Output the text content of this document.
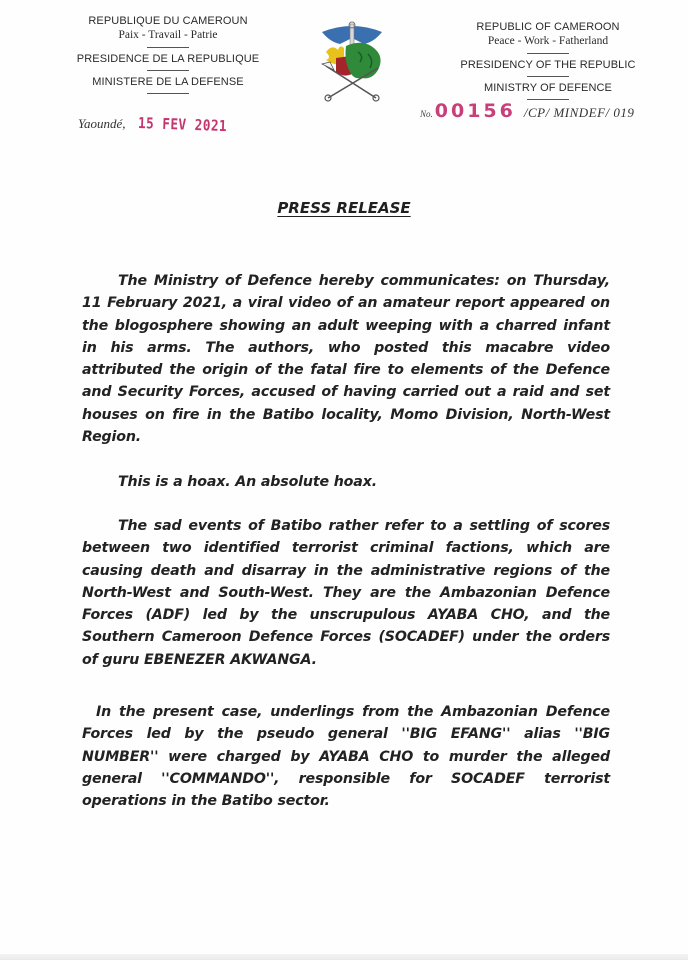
REPUBLIQUE DU CAMEROUN
Paix - Travail - Patrie
PRESIDENCE DE LA REPUBLIQUE
MINISTERE DE LA DEFENSE
Yaoundé, 15 FEV 2021
REPUBLIC OF CAMEROON
Peace - Work - Fatherland
PRESIDENCY OF THE REPUBLIC
MINISTRY OF DEFENCE
No. 00156 /CP/ MINDEF/ 019
PRESS RELEASE

The Ministry of Defence hereby communicates: on Thursday, 11 February 2021, a viral video of an amateur report appeared on the blogosphere showing an adult weeping with a charred infant in his arms. The authors, who posted this macabre video attributed the origin of the fatal fire to elements of the Defence and Security Forces, accused of having carried out a raid and set houses on fire in the Batibo locality, Momo Division, North-West Region.

This is a hoax. An absolute hoax.

The sad events of Batibo rather refer to a settling of scores between two identified terrorist criminal factions, which are causing death and disarray in the administrative regions of the North-West and South-West. They are the Ambazonian Defence Forces (ADF) led by the unscrupulous AYABA CHO, and the Southern Cameroon Defence Forces (SOCADEF) under the orders of guru EBENEZER AKWANGA.

In the present case, underlings from the Ambazonian Defence Forces led by the pseudo general ''BIG EFANG'' alias ''BIG NUMBER'' were charged by AYABA CHO to murder the alleged general ''COMMANDO'', responsible for SOCADEF terrorist operations in the Batibo sector.
